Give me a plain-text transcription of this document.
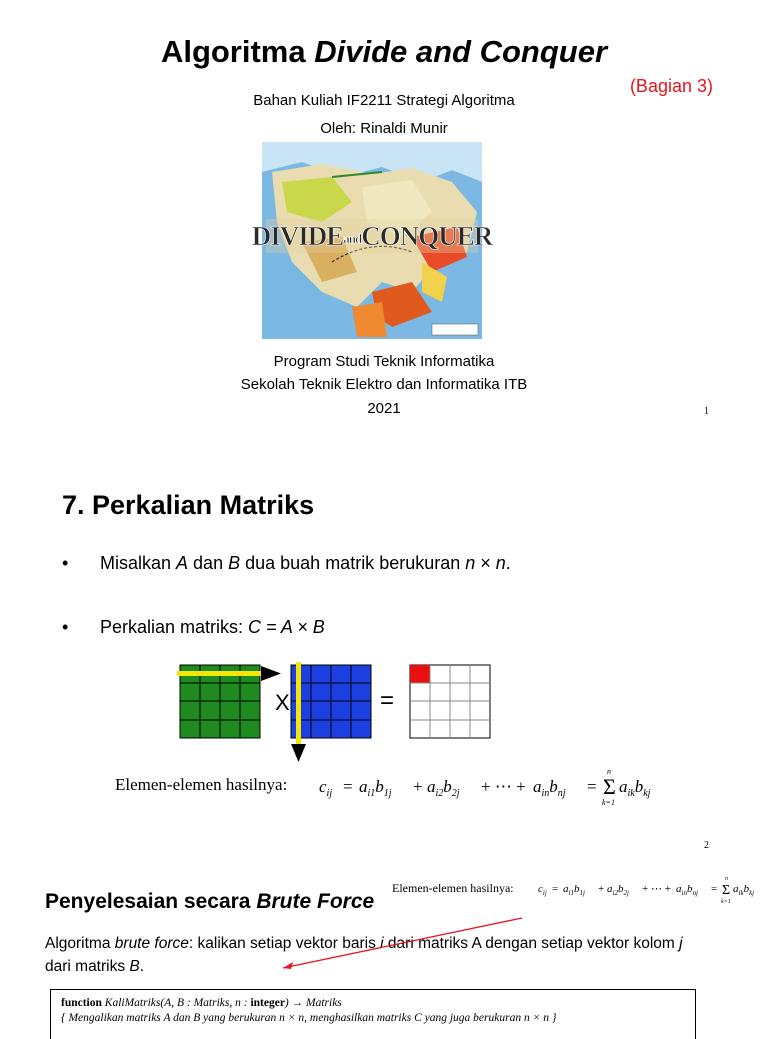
Algoritma Divide and Conquer
(Bagian 3)
Bahan Kuliah IF2211 Strategi Algoritma
Oleh: Rinaldi Munir
DIVIDEandCONQUER
Program Studi Teknik Informatika
Sekolah Teknik Elektro dan Informatika ITB
2021	1
7. Perkalian Matriks
• Misalkan A dan B dua buah matrik berukuran n × n.
• Perkalian matriks: C = A × B
X	=
Elemen-elemen hasilnya: $c_{ij} = a_{i1}b_{1j} + a_{i2}b_{2j}$ + ⋯ + $a_{in}b_{nj} = \Sigma$
n
k=1
$a_{ik}b_{kj}$
2
Penyelesaian secara Brute Force
Elemen-elemen hasilnya: $c_{ij} = a_{i1}b_{1j} + a_{i2}b_{2j}$ + ⋯ + $a_{in}b_{nj} = \Sigma$
n
k=1
$a_{ik}b_{kj}$
Algoritma brute force: kalikan setiap vektor baris i dari matriks A dengan setiap vektor kolom j dari matriks B.
function KaliMatriks(A, B : Matriks, n : integer) → Matriks
{ Mengalikan matriks A dan B yang berukuran n × n, menghasilkan matriks C yang juga berukuran n × n }
